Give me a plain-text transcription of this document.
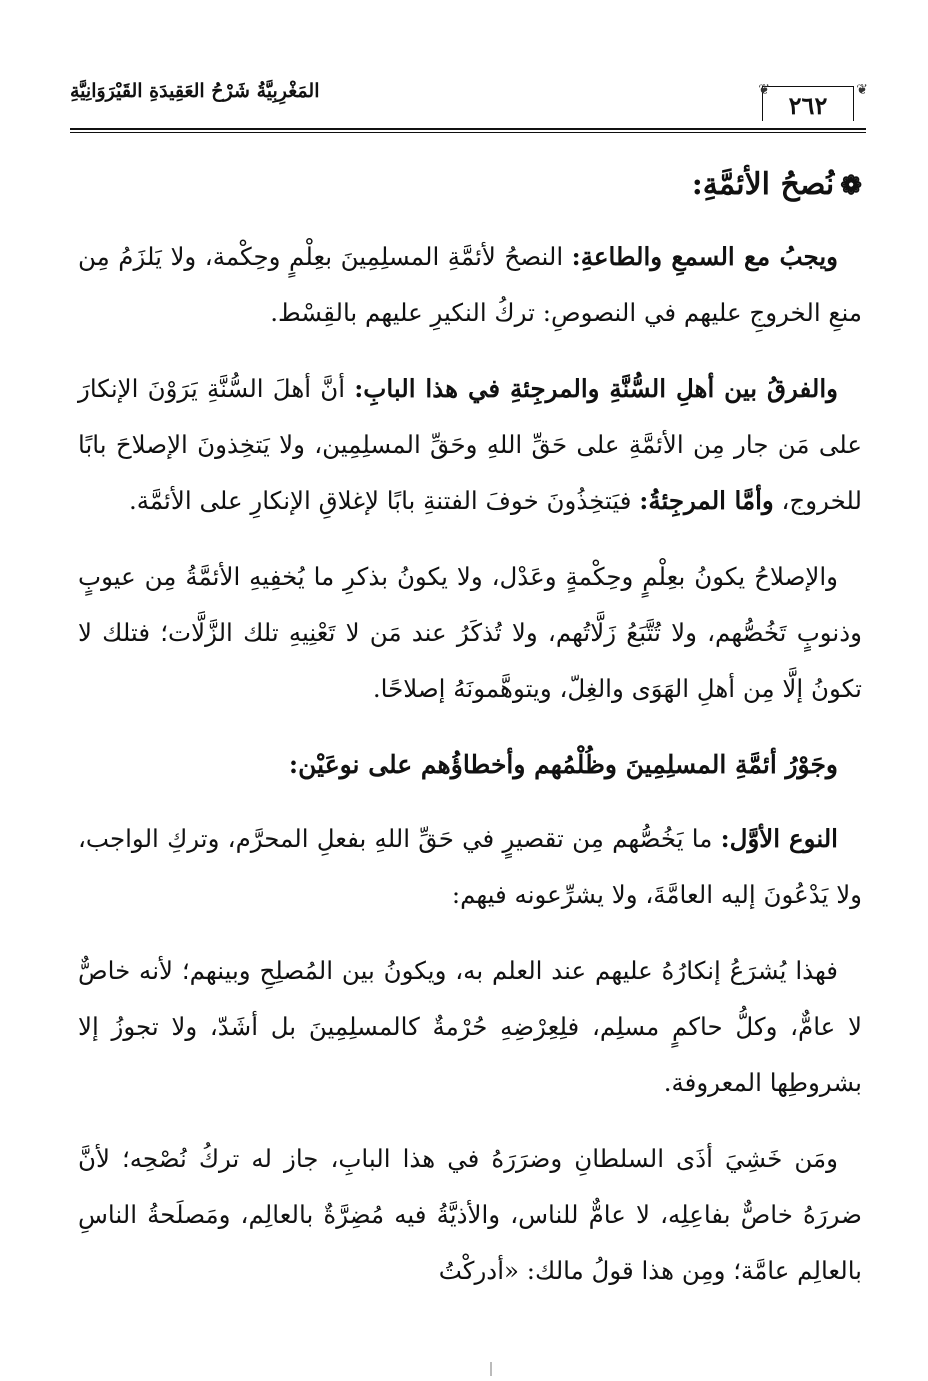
المَغْرِبِيَّةُ شَرْحُ العَقِيدَةِ القَيْرَوَانِيَّةِ	٢٦٢
❦	❦
❁نُصحُ الأئمَّةِ:

ويجبُ مع السمعِ والطاعةِ: النصحُ لأئمَّةِ المسلِمِينَ بعِلْمٍ وحِكْمة، ولا يَلزَمُ مِن منعِ الخروجِ عليهم في النصوصِ: تركُ النكيرِ عليهم بالقِسْط.

والفرقُ بين أهلِ السُّنَّةِ والمرجِئةِ في هذا البابِ: أنَّ أهلَ السُّنَّةِ يَرَوْنَ الإنكارَ على مَن جار مِن الأئمَّةِ على حَقِّ اللهِ وحَقِّ المسلِمِين، ولا يَتخِذونَ الإصلاحَ بابًا للخروج، وأمَّا المرجِئةُ: فيَتخِذُونَ خوفَ الفتنةِ بابًا لإغلاقِ الإنكارِ على الأئمَّة.

والإصلاحُ يكونُ بعِلْمٍ وحِكْمةٍ وعَدْل، ولا يكونُ بذكرِ ما يُخفِيهِ الأئمَّةُ مِن عيوبٍ وذنوبٍ تَخُصُّهم، ولا تُتَّبَعُ زَلَّاتُهم، ولا تُذكَرُ عند مَن لا تَعْنِيهِ تلك الزَّلَّات؛ فتلك لا تكونُ إلَّا مِن أهلِ الهَوَى والغِلّ، ويتوهَّمونَهُ إصلاحًا.

وجَوْرُ أئمَّةِ المسلِمِينَ وظُلْمُهم وأخطاؤُهم على نوعَيْن:

النوع الأوَّل: ما يَخُصُّهم مِن تقصيرٍ في حَقِّ اللهِ بفعلِ المحرَّم، وتركِ الواجب، ولا يَدْعُونَ إليه العامَّةَ، ولا يشرِّعونه فيهم:

فهذا يُشرَعُ إنكارُهُ عليهم عند العلم به، ويكونُ بين المُصلِحِ وبينهم؛ لأنه خاصٌّ لا عامٌّ، وكلُّ حاكمٍ مسلِم، فلِعِرْضِهِ حُرْمةٌ كالمسلِمِينَ بل أشَدّ، ولا تجوزُ إلا بشروطِها المعروفة.

ومَن خَشِيَ أذَى السلطانِ وضرَرَهُ في هذا البابِ، جاز له تركُ نُصْحِه؛ لأنَّ ضررَهُ خاصٌّ بفاعِلِه، لا عامٌّ للناس، والأذيَّةُ فيه مُضِرَّةٌ بالعالِم، ومَصلَحةُ الناسِ بالعالِم عامَّة؛ ومِن هذا قولُ مالك: «أدركْتُ
